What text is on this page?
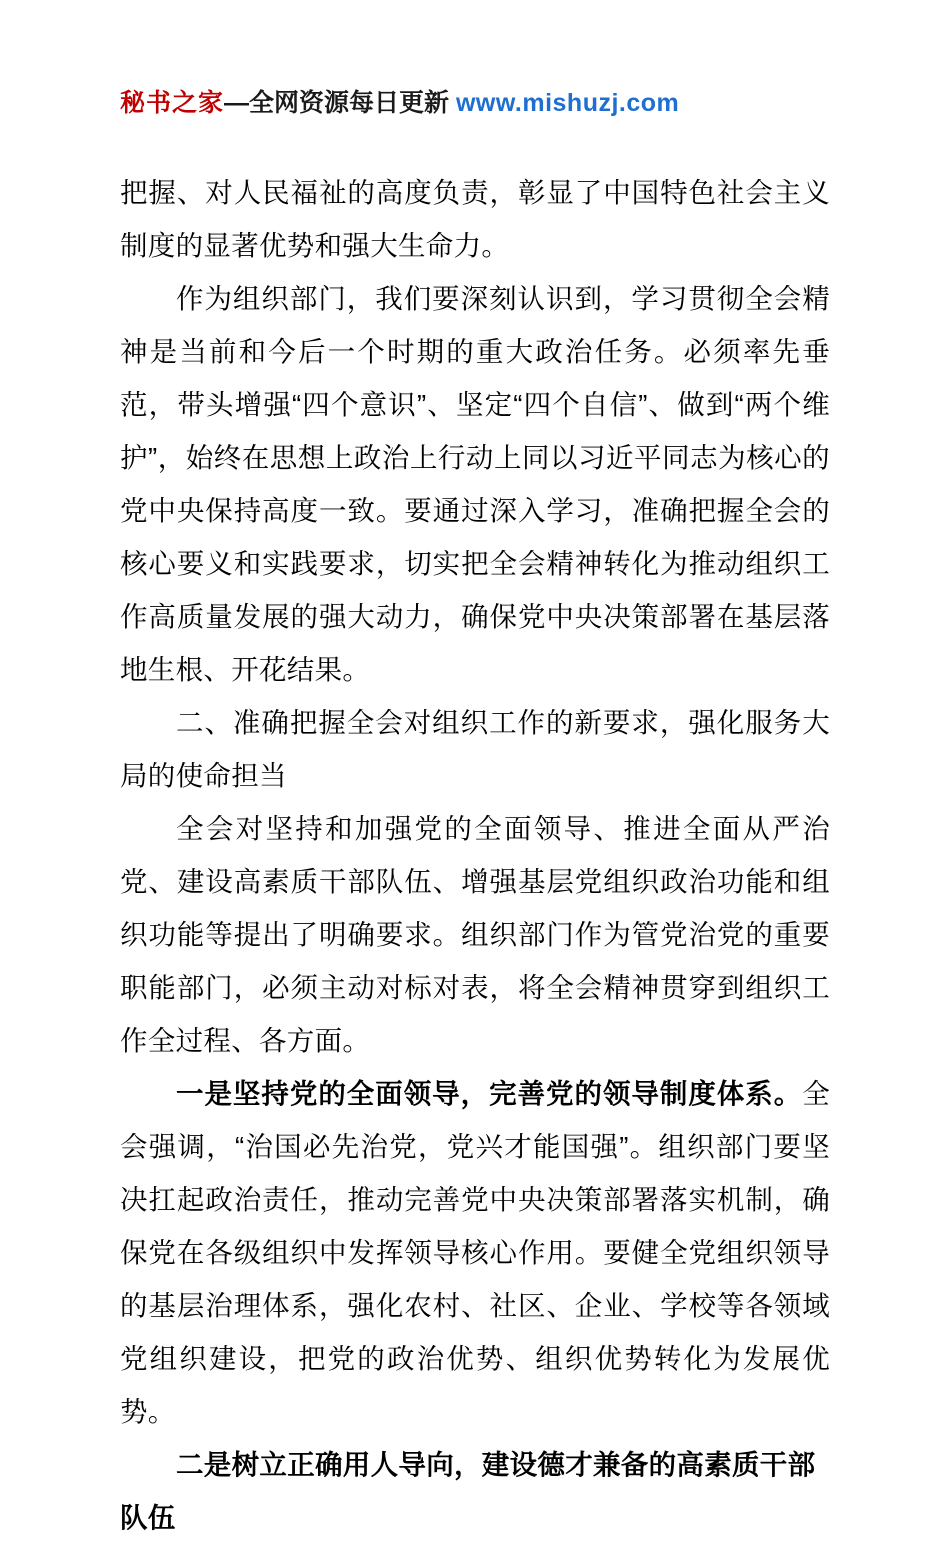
秘书之家—全网资源每日更新 www.mishuzj.com

把握、对人民福祉的高度负责，彰显了中国特色社会主义制度的显著优势和强大生命力。

作为组织部门，我们要深刻认识到，学习贯彻全会精神是当前和今后一个时期的重大政治任务。必须率先垂范，带头增强“四个意识”、坚定“四个自信”、做到“两个维护”，始终在思想上政治上行动上同以习近平同志为核心的党中央保持高度一致。要通过深入学习，准确把握全会的核心要义和实践要求，切实把全会精神转化为推动组织工作高质量发展的强大动力，确保党中央决策部署在基层落地生根、开花结果。

二、准确把握全会对组织工作的新要求，强化服务大局的使命担当

全会对坚持和加强党的全面领导、推进全面从严治党、建设高素质干部队伍、增强基层党组织政治功能和组织功能等提出了明确要求。组织部门作为管党治党的重要职能部门，必须主动对标对表，将全会精神贯穿到组织工作全过程、各方面。

一是坚持党的全面领导，完善党的领导制度体系。全会强调，“治国必先治党，党兴才能国强”。组织部门要坚决扛起政治责任，推动完善党中央决策部署落实机制，确保党在各级组织中发挥领导核心作用。要健全党组织领导的基层治理体系，强化农村、社区、企业、学校等各领域党组织建设，把党的政治优势、组织优势转化为发展优势。

二是树立正确用人导向，建设德才兼备的高素质干部队伍
